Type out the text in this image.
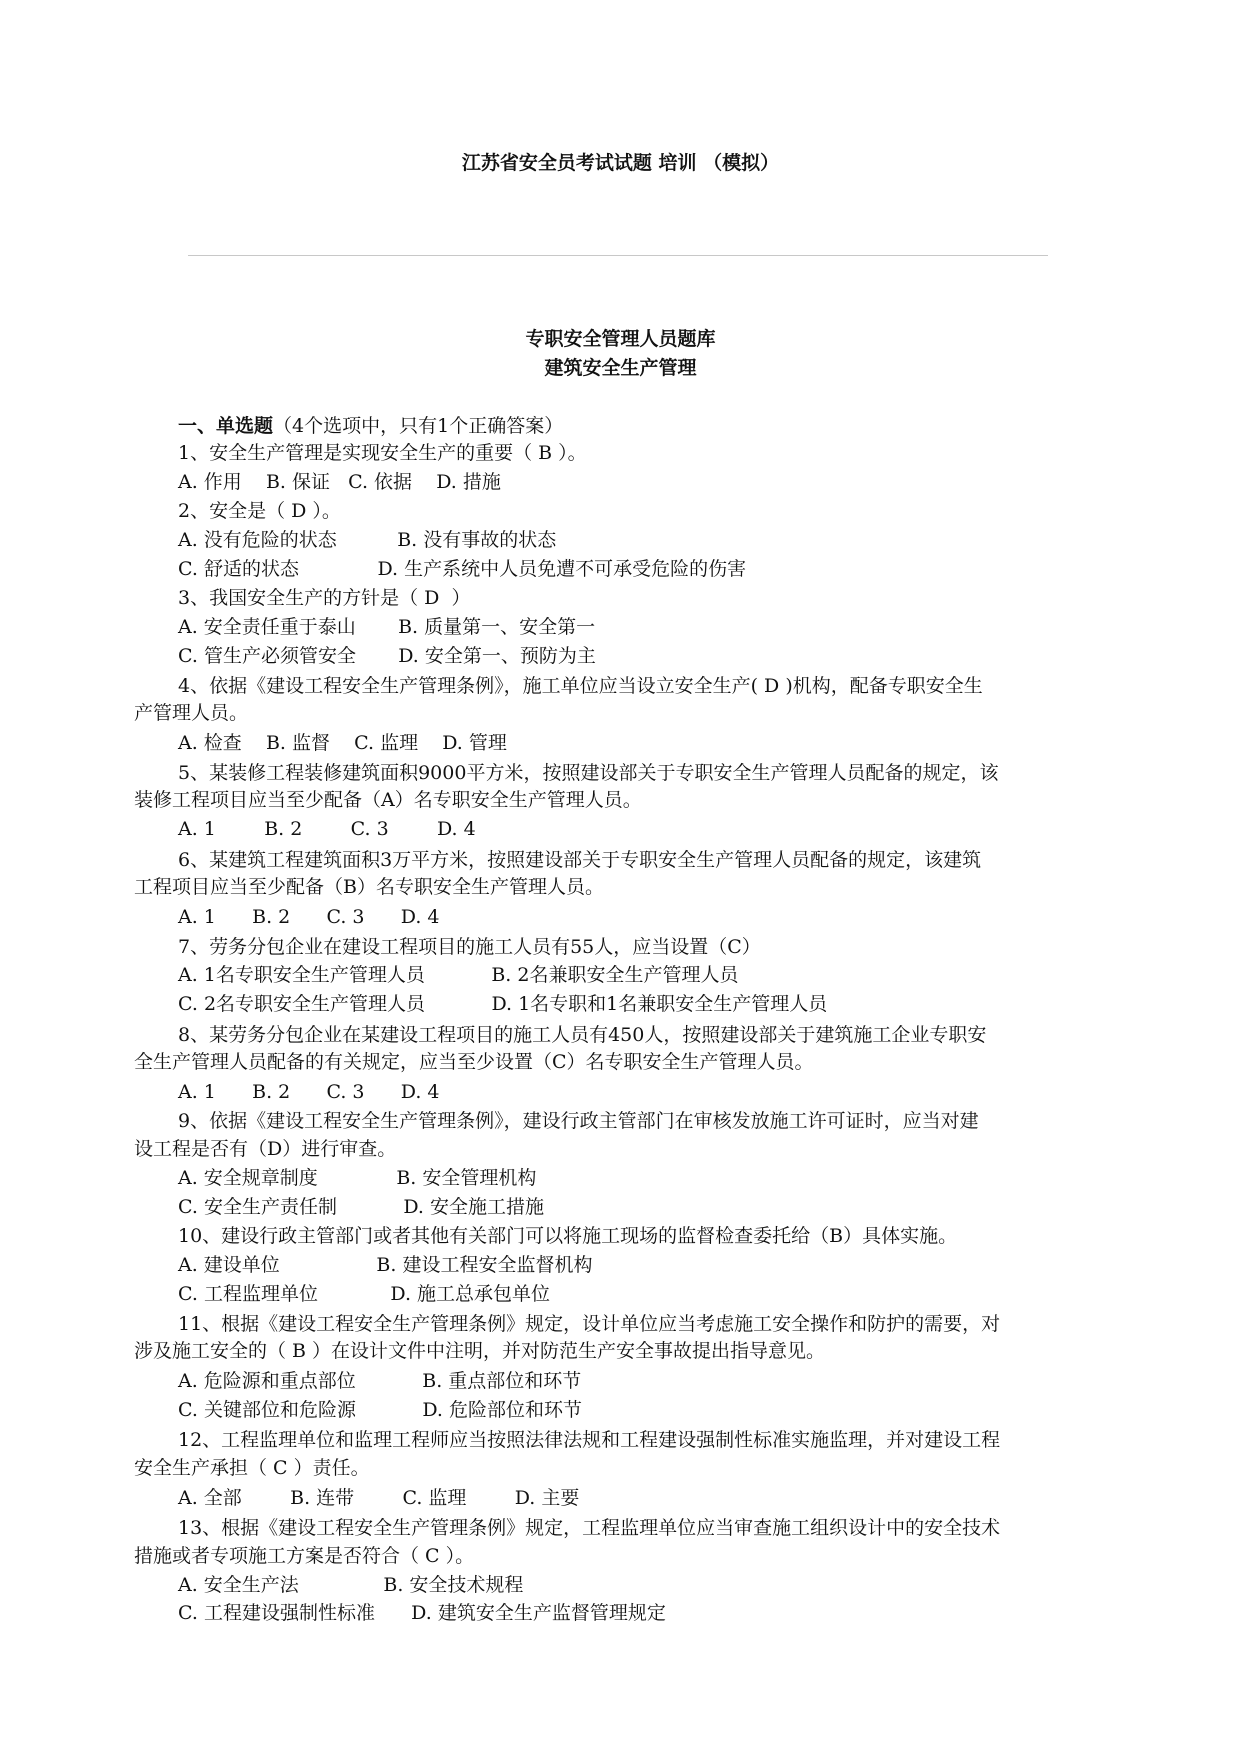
江苏省安全员考试试题 培训 （模拟）
专职安全管理人员题库
建筑安全生产管理
一、单选题（4个选项中，只有1个正确答案）
1、安全生产管理是实现安全生产的重要（ B ）。
A. 作用    B. 保证   C. 依据    D. 措施
2、安全是（ D ）。
A. 没有危险的状态          B. 没有事故的状态
C. 舒适的状态             D. 生产系统中人员免遭不可承受危险的伤害
3、我国安全生产的方针是（ D  ）
A. 安全责任重于泰山       B. 质量第一、安全第一
C. 管生产必须管安全       D. 安全第一、预防为主
4、依据《建设工程安全生产管理条例》，施工单位应当设立安全生产( D )机构，配备专职安全生
产管理人员。
A. 检查    B. 监督    C. 监理    D. 管理
5、某装修工程装修建筑面积9000平方米，按照建设部关于专职安全生产管理人员配备的规定，该
装修工程项目应当至少配备（A）名专职安全生产管理人员。
A. 1        B. 2        C. 3        D. 4
6、某建筑工程建筑面积3万平方米，按照建设部关于专职安全生产管理人员配备的规定，该建筑
工程项目应当至少配备（B）名专职安全生产管理人员。
A. 1      B. 2      C. 3      D. 4
7、劳务分包企业在建设工程项目的施工人员有55人，应当设置（C）
A. 1名专职安全生产管理人员           B. 2名兼职安全生产管理人员
C. 2名专职安全生产管理人员           D. 1名专职和1名兼职安全生产管理人员
8、某劳务分包企业在某建设工程项目的施工人员有450人，按照建设部关于建筑施工企业专职安
全生产管理人员配备的有关规定，应当至少设置（C）名专职安全生产管理人员。
A. 1      B. 2      C. 3      D. 4
9、依据《建设工程安全生产管理条例》，建设行政主管部门在审核发放施工许可证时，应当对建
设工程是否有（D）进行审查。
A. 安全规章制度             B. 安全管理机构
C. 安全生产责任制           D. 安全施工措施
10、建设行政主管部门或者其他有关部门可以将施工现场的监督检查委托给（B）具体实施。
A. 建设单位                B. 建设工程安全监督机构
C. 工程监理单位            D. 施工总承包单位
11、根据《建设工程安全生产管理条例》规定，设计单位应当考虑施工安全操作和防护的需要，对
涉及施工安全的（ B ）在设计文件中注明，并对防范生产安全事故提出指导意见。
A. 危险源和重点部位           B. 重点部位和环节
C. 关键部位和危险源           D. 危险部位和环节
12、工程监理单位和监理工程师应当按照法律法规和工程建设强制性标准实施监理，并对建设工程
安全生产承担（ C ）责任。
A. 全部        B. 连带        C. 监理        D. 主要
13、根据《建设工程安全生产管理条例》规定，工程监理单位应当审查施工组织设计中的安全技术
措施或者专项施工方案是否符合（ C ）。
A. 安全生产法              B. 安全技术规程
C. 工程建设强制性标准      D. 建筑安全生产监督管理规定
